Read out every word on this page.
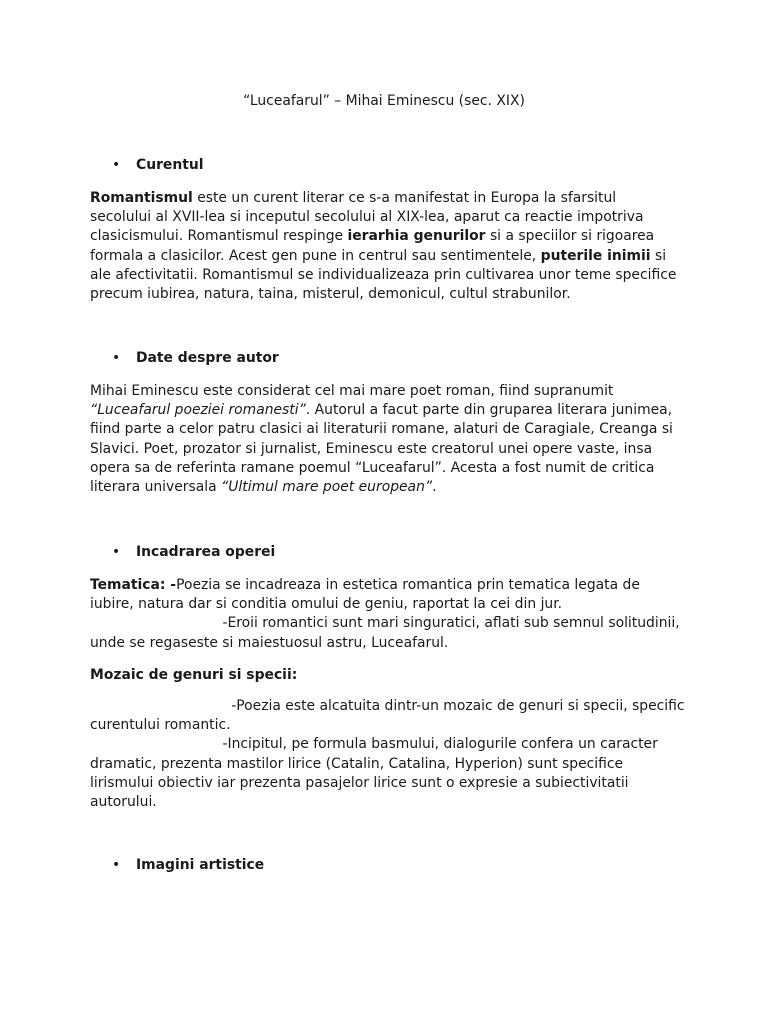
“Luceafarul” – Mihai Eminescu (sec. XIX)
• Curentul
Romantismul este un curent literar ce s-a manifestat in Europa la sfarsitul
secolului al XVII-lea si inceputul secolului al XIX-lea, aparut ca reactie impotriva
clasicismului. Romantismul respinge ierarhia genurilor si a speciilor si rigoarea
formala a clasicilor. Acest gen pune in centrul sau sentimentele, puterile inimii si
ale afectivitatii. Romantismul se individualizeaza prin cultivarea unor teme specifice
precum iubirea, natura, taina, misterul, demonicul, cultul strabunilor.
• Date despre autor
Mihai Eminescu este considerat cel mai mare poet roman, fiind supranumit
“Luceafarul poeziei romanesti”. Autorul a facut parte din gruparea literara junimea,
fiind parte a celor patru clasici ai literaturii romane, alaturi de Caragiale, Creanga si
Slavici. Poet, prozator si jurnalist, Eminescu este creatorul unei opere vaste, insa
opera sa de referinta ramane poemul “Luceafarul”. Acesta a fost numit de critica
literara universala “Ultimul mare poet european”.
• Incadrarea operei
Tematica: -Poezia se incadreaza in estetica romantica prin tematica legata de
iubire, natura dar si conditia omului de geniu, raportat la cei din jur.
-Eroii romantici sunt mari singuratici, aflati sub semnul solitudinii,
unde se regaseste si maiestuosul astru, Luceafarul.
Mozaic de genuri si specii:
-Poezia este alcatuita dintr-un mozaic de genuri si specii, specific
curentului romantic.
-Incipitul, pe formula basmului, dialogurile confera un caracter
dramatic, prezenta mastilor lirice (Catalin, Catalina, Hyperion) sunt specifice
lirismului obiectiv iar prezenta pasajelor lirice sunt o expresie a subiectivitatii
autorului.
• Imagini artistice
